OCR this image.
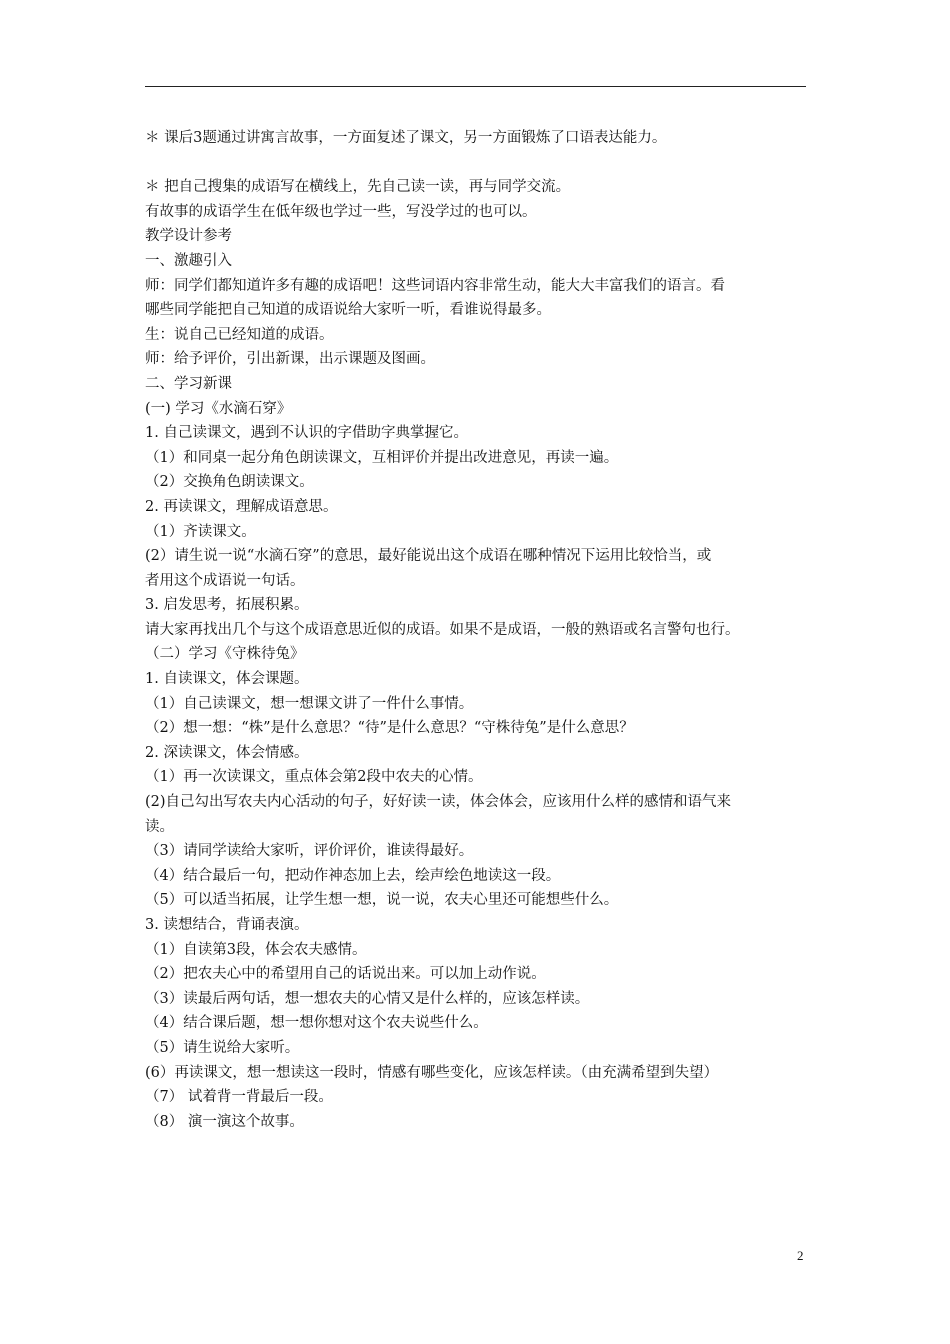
＊ 课后3题通过讲寓言故事，一方面复述了课文，另一方面锻炼了口语表达能力。
＊ 把自己搜集的成语写在横线上，先自己读一读，再与同学交流。
有故事的成语学生在低年级也学过一些，写没学过的也可以。
教学设计参考
一、激趣引入
师：同学们都知道许多有趣的成语吧！这些词语内容非常生动，能大大丰富我们的语言。看
哪些同学能把自己知道的成语说给大家听一听，看谁说得最多。
生：说自己已经知道的成语。
师：给予评价，引出新课，出示课题及图画。
二、学习新课
(一) 学习《水滴石穿》
1. 自己读课文，遇到不认识的字借助字典掌握它。
（1）和同桌一起分角色朗读课文，互相评价并提出改进意见，再读一遍。
（2）交换角色朗读课文。
2. 再读课文，理解成语意思。
（1）齐读课文。
(2）请生说一说“水滴石穿”的意思，最好能说出这个成语在哪种情况下运用比较恰当，或
者用这个成语说一句话。
3. 启发思考，拓展积累。
请大家再找出几个与这个成语意思近似的成语。如果不是成语，一般的熟语或名言警句也行。
（二）学习《守株待兔》
1. 自读课文，体会课题。
（1）自己读课文，想一想课文讲了一件什么事情。
（2）想一想：“株”是什么意思？“待”是什么意思？“守株待兔”是什么意思？
2. 深读课文，体会情感。
（1）再一次读课文，重点体会第2段中农夫的心情。
(2)自己勾出写农夫内心活动的句子，好好读一读，体会体会，应该用什么样的感情和语气来
读。
（3）请同学读给大家听，评价评价，谁读得最好。
（4）结合最后一句，把动作神态加上去，绘声绘色地读这一段。
（5）可以适当拓展，让学生想一想，说一说，农夫心里还可能想些什么。
3. 读想结合，背诵表演。
（1）自读第3段，体会农夫感情。
（2）把农夫心中的希望用自己的话说出来。可以加上动作说。
（3）读最后两句话，想一想农夫的心情又是什么样的，应该怎样读。
（4）结合课后题，想一想你想对这个农夫说些什么。
（5）请生说给大家听。
(6）再读课文，想一想读这一段时，情感有哪些变化，应该怎样读。（由充满希望到失望）
（7） 试着背一背最后一段。
（8） 演一演这个故事。
2
